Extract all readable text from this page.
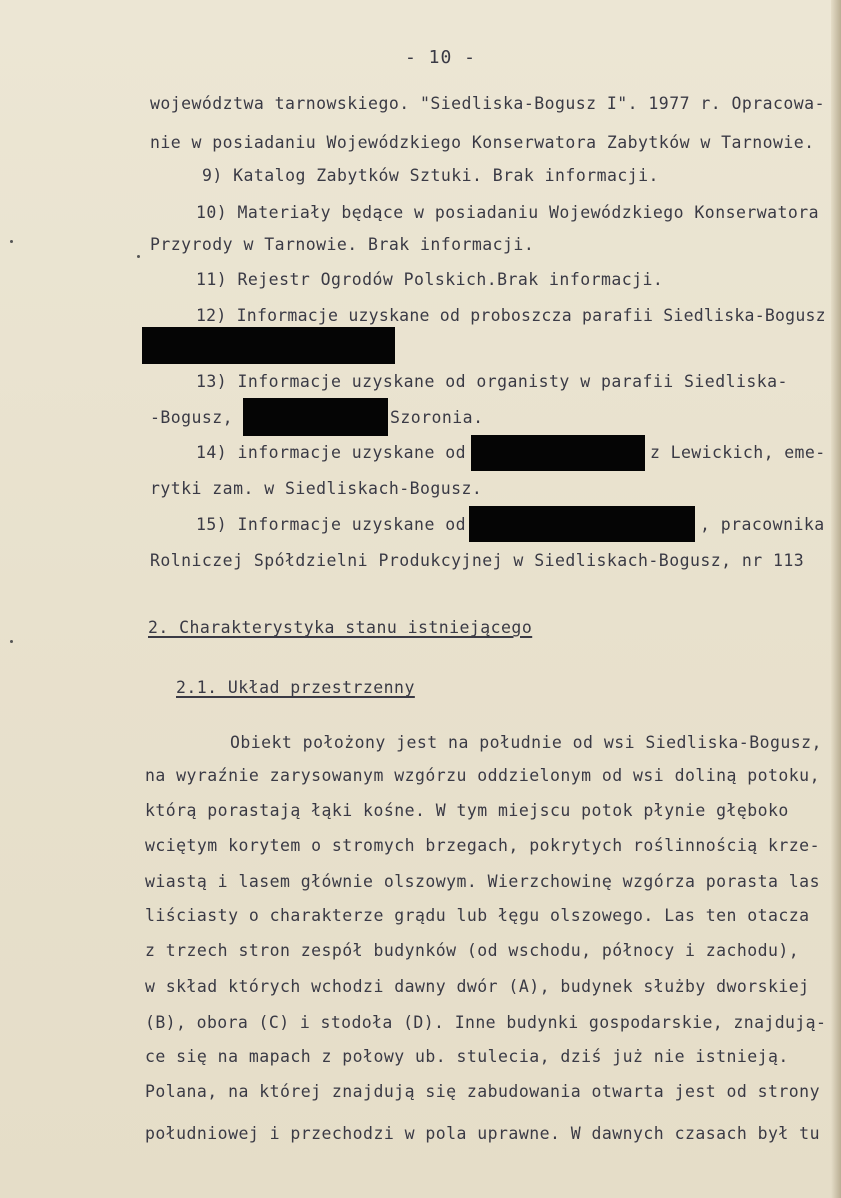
- 10 -
województwa tarnowskiego. "Siedliska-Bogusz I". 1977 r. Opracowa-
nie w posiadaniu Wojewódzkiego Konserwatora Zabytków w Tarnowie.
9) Katalog Zabytków Sztuki. Brak informacji.
10) Materiały będące w posiadaniu Wojewódzkiego Konserwatora
Przyrody w Tarnowie. Brak informacji.
11) Rejestr Ogrodów Polskich.Brak informacji.
12) Informacje uzyskane od proboszcza parafii Siedliska-Bogusz
13) Informacje uzyskane od organisty w parafii Siedliska-
-Bogusz,	Szoronia.
14) informacje uzyskane od	z Lewickich, eme-
rytki zam. w Siedliskach-Bogusz.
15) Informacje uzyskane od	, pracownika
Rolniczej Spółdzielni Produkcyjnej w Siedliskach-Bogusz, nr 113
2. Charakterystyka stanu istniejącego
2.1. Układ przestrzenny
Obiekt położony jest na południe od wsi Siedliska-Bogusz,
na wyraźnie zarysowanym wzgórzu oddzielonym od wsi doliną potoku,
którą porastają łąki kośne. W tym miejscu potok płynie głęboko
wciętym korytem o stromych brzegach, pokrytych roślinnością krze-
wiastą i lasem głównie olszowym. Wierzchowinę wzgórza porasta las
liściasty o charakterze grądu lub łęgu olszowego. Las ten otacza
z trzech stron zespół budynków (od wschodu, północy i zachodu),
w skład których wchodzi dawny dwór (A), budynek służby dworskiej
(B), obora (C) i stodoła (D). Inne budynki gospodarskie, znajdują-
ce się na mapach z połowy ub. stulecia, dziś już nie istnieją.
Polana, na której znajdują się zabudowania otwarta jest od strony
południowej i przechodzi w pola uprawne. W dawnych czasach był tu
